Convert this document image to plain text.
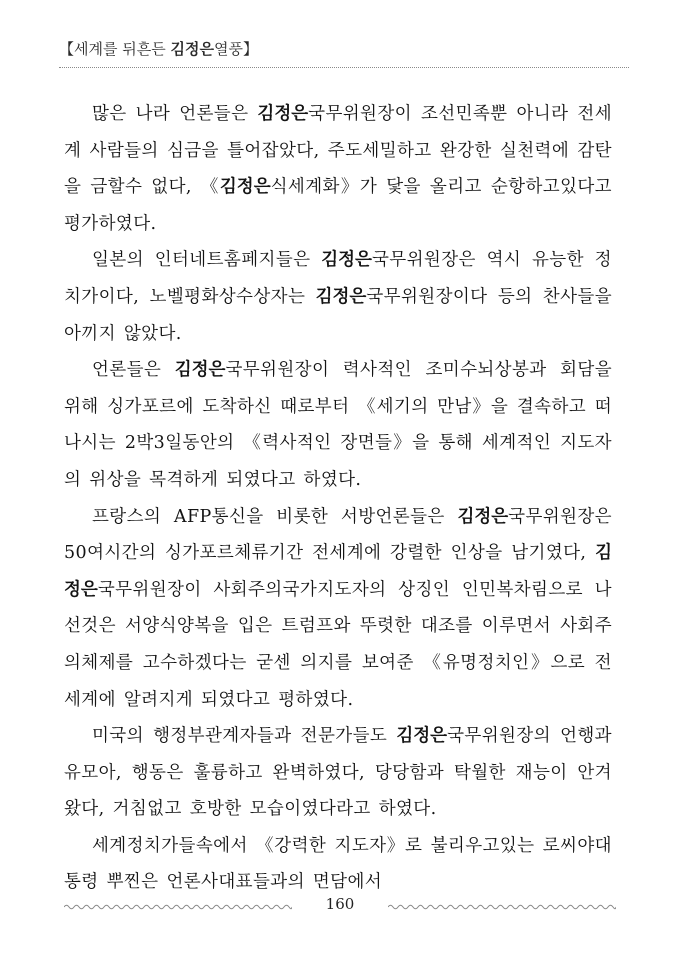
【세계를 뒤흔든 김정은열풍】

많은 나라 언론들은 김정은국무위원장이 조선민족뿐 아니라 전세계 사람들의 심금을 틀어잡았다, 주도세밀하고 완강한 실천력에 감탄을 금할수 없다, 《김정은식세계화》가 닻을 올리고 순항하고있다고 평가하였다.

일본의 인터네트홈페지들은 김정은국무위원장은 역시 유능한 정치가이다, 노벨평화상수상자는 김정은국무위원장이다 등의 찬사들을 아끼지 않았다.

언론들은 김정은국무위원장이 력사적인 조미수뇌상봉과 회담을 위해 싱가포르에 도착하신 때로부터 《세기의 만남》을 결속하고 떠나시는 2박3일동안의 《력사적인 장면들》을 통해 세계적인 지도자의 위상을 목격하게 되였다고 하였다.

프랑스의 AFP통신을 비롯한 서방언론들은 김정은국무위원장은 50여시간의 싱가포르체류기간 전세계에 강렬한 인상을 남기였다, 김정은국무위원장이 사회주의국가지도자의 상징인 인민복차림으로 나선것은 서양식양복을 입은 트럼프와 뚜렷한 대조를 이루면서 사회주의체제를 고수하겠다는 굳센 의지를 보여준 《유명정치인》으로 전세계에 알려지게 되였다고 평하였다.

미국의 행정부관계자들과 전문가들도 김정은국무위원장의 언행과 유모아, 행동은 훌륭하고 완벽하였다, 당당함과 탁월한 재능이 안겨왔다, 거침없고 호방한 모습이였다라고 하였다.

세계정치가들속에서 《강력한 지도자》로 불리우고있는 로씨야대통령 뿌찐은 언론사대표들과의 면담에서

160
